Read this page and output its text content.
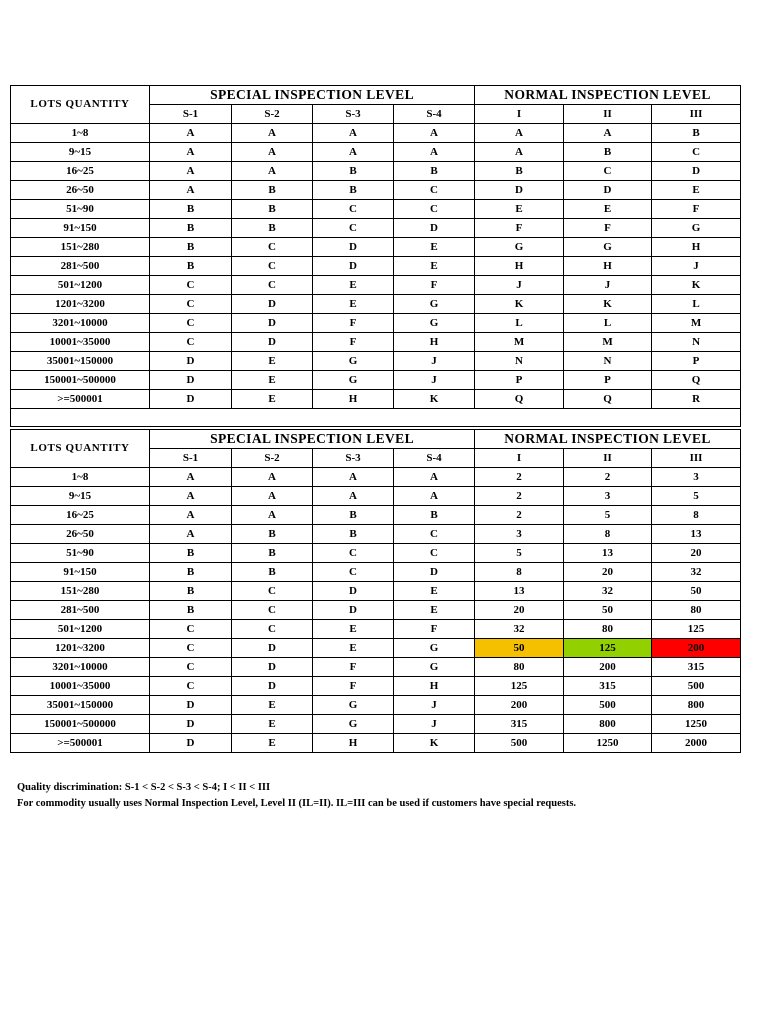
LOTS QUANTITY	SPECIAL INSPECTION LEVEL				NORMAL INSPECTION LEVEL		
	S-1	S-2	S-3	S-4	I	II	III
1~8	A	A	A	A	A	A	B
9~15	A	A	A	A	A	B	C
16~25	A	A	B	B	B	C	D
26~50	A	B	B	C	D	D	E
51~90	B	B	C	C	E	E	F
91~150	B	B	C	D	F	F	G
151~280	B	C	D	E	G	G	H
281~500	B	C	D	E	H	H	J
501~1200	C	C	E	F	J	J	K
1201~3200	C	D	E	G	K	K	L
3201~10000	C	D	F	G	L	L	M
10001~35000	C	D	F	H	M	M	N
35001~150000	D	E	G	J	N	N	P
150001~500000	D	E	G	J	P	P	Q
>=500001	D	E	H	K	Q	Q	R

LOTS QUANTITY	SPECIAL INSPECTION LEVEL				NORMAL INSPECTION LEVEL		
	S-1	S-2	S-3	S-4	I	II	III
1~8	A	A	A	A	2	2	3
9~15	A	A	A	A	2	3	5
16~25	A	A	B	B	2	5	8
26~50	A	B	B	C	3	8	13
51~90	B	B	C	C	5	13	20
91~150	B	B	C	D	8	20	32
151~280	B	C	D	E	13	32	50
281~500	B	C	D	E	20	50	80
501~1200	C	C	E	F	32	80	125
1201~3200	C	D	E	G	50	125	200
3201~10000	C	D	F	G	80	200	315
10001~35000	C	D	F	H	125	315	500
35001~150000	D	E	G	J	200	500	800
150001~500000	D	E	G	J	315	800	1250
>=500001	D	E	H	K	500	1250	2000
Quality discrimination: S-1 < S-2 < S-3 < S-4; I < II < III
For commodity usually uses Normal Inspection Level, Level II (IL=II). IL=III can be used if customers have special requests.
